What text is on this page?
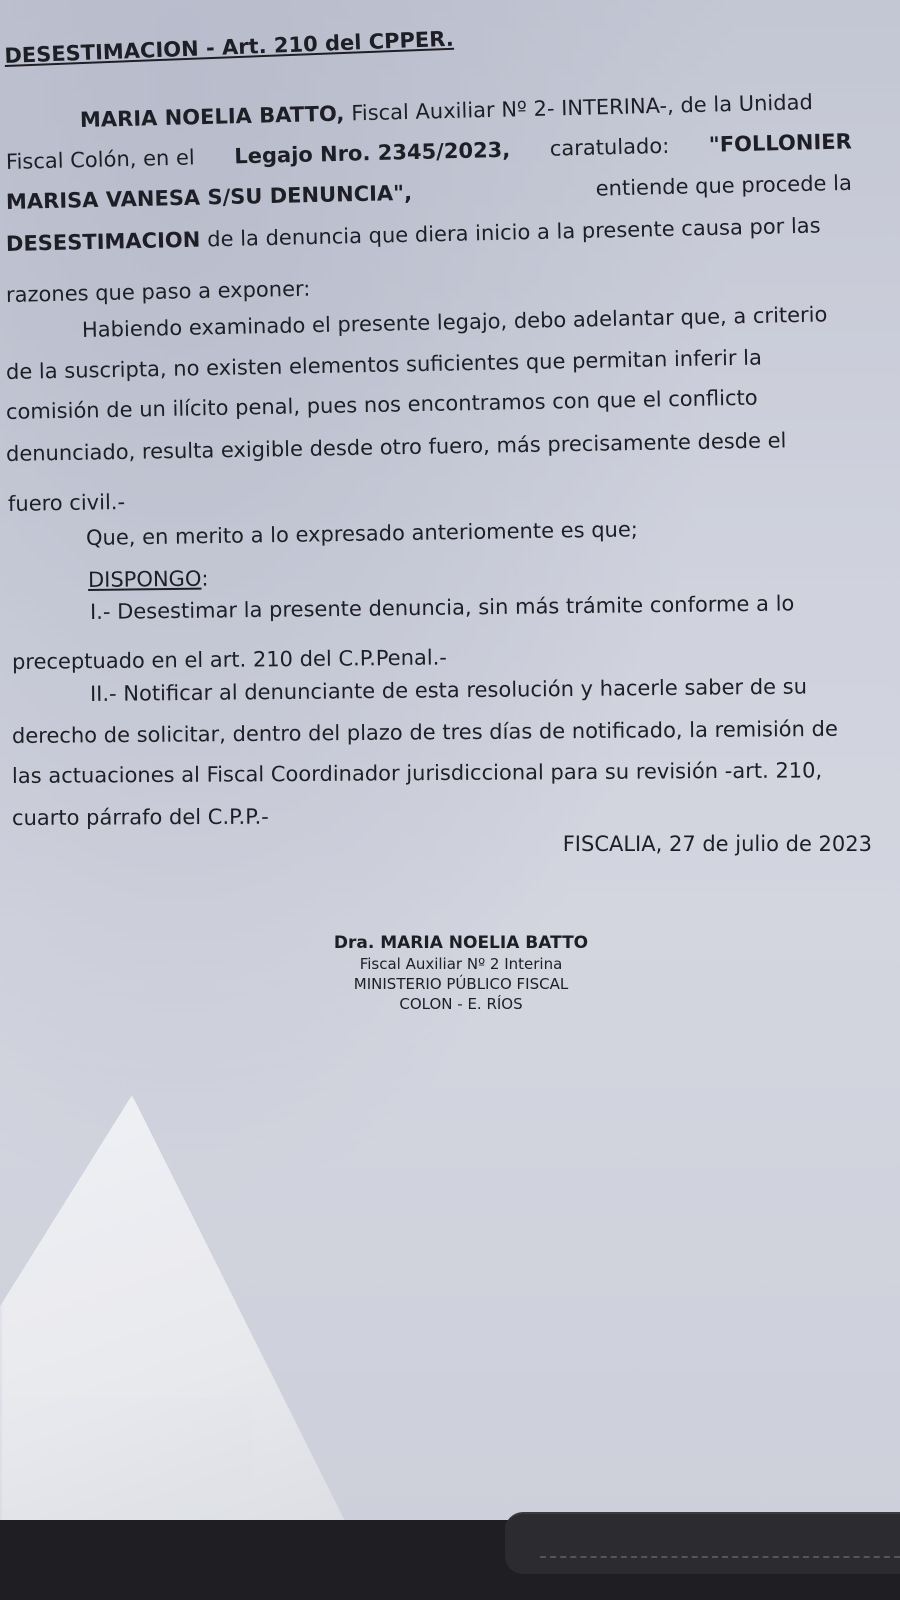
DESESTIMACION - Art. 210 del CPPER.
MARIA NOELIA BATTO, Fiscal Auxiliar Nº 2- INTERINA-, de la Unidad
Fiscal Colón, en el Legajo Nro. 2345/2023, caratulado: "FOLLONIER
MARISA VANESA S/SU DENUNCIA",	entiende que procede la
DESESTIMACION de la denuncia que diera inicio a la presente causa por las
razones que paso a exponer:
Habiendo examinado el presente legajo, debo adelantar que, a criterio
de la suscripta, no existen elementos suficientes que permitan inferir la
comisión de un ilícito penal, pues nos encontramos con que el conflicto
denunciado, resulta exigible desde otro fuero, más precisamente desde el
fuero civil.-
Que, en merito a lo expresado anteriomente es que;
DISPONGO :
I.- Desestimar la presente denuncia, sin más trámite conforme a lo
preceptuado en el art. 210 del C.P.Penal.-
II.- Notificar al denunciante de esta resolución y hacerle saber de su
derecho de solicitar, dentro del plazo de tres días de notificado, la remisión de
las actuaciones al Fiscal Coordinador jurisdiccional para su revisión -art. 210,
cuarto párrafo del C.P.P.-
FISCALIA, 27 de julio de 2023
Dra. MARIA NOELIA BATTO
Fiscal Auxiliar Nº 2 Interina
MINISTERIO PÚBLICO FISCAL
COLON - E. RÍOS
